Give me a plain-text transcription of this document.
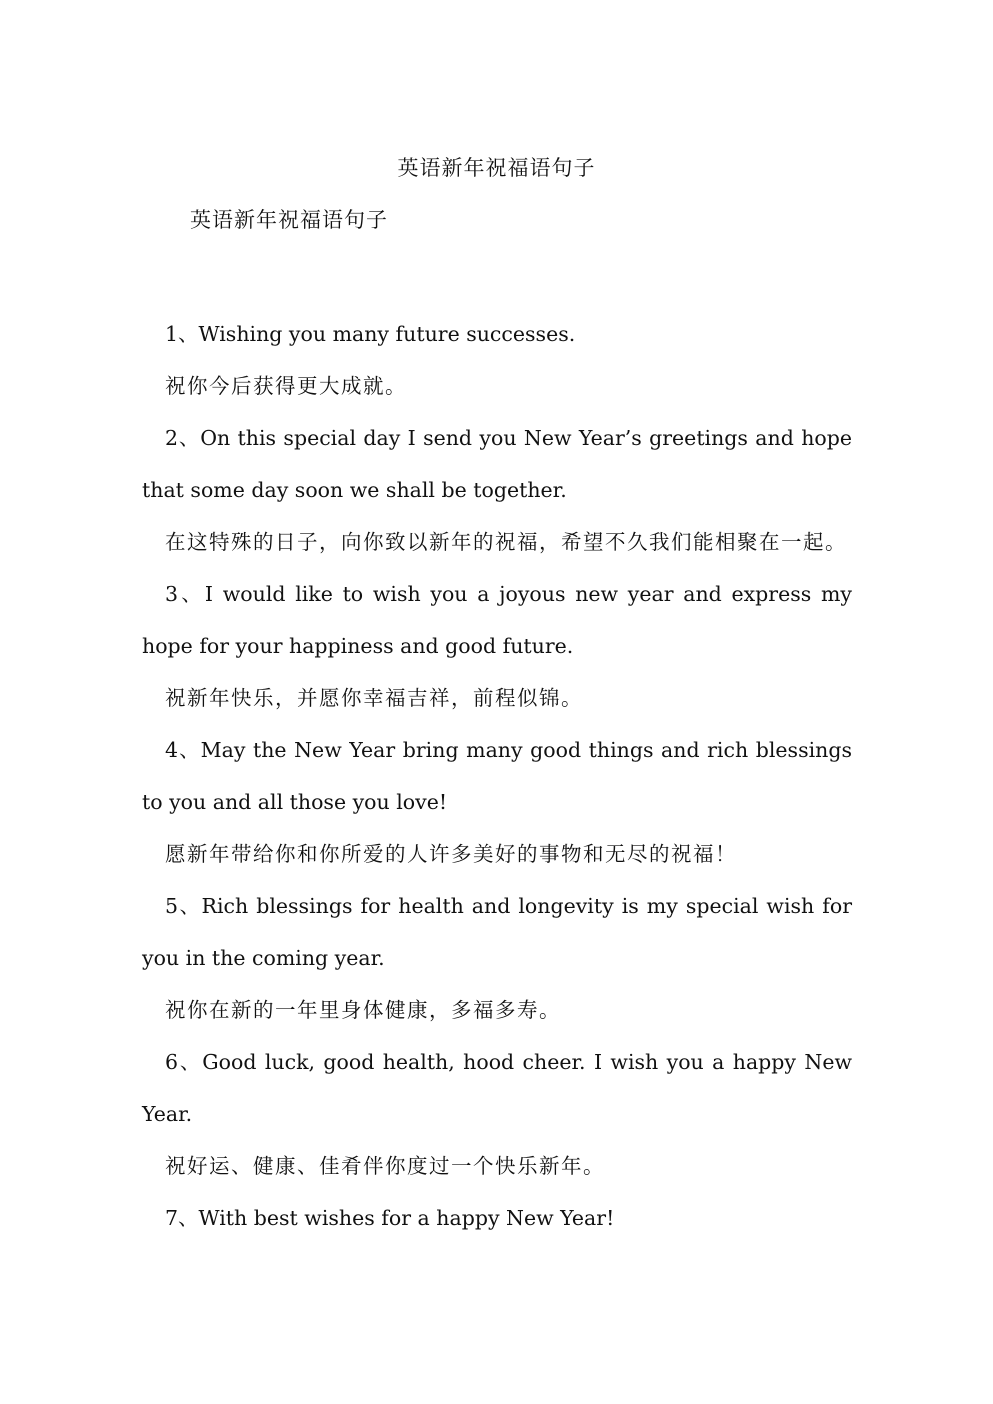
英语新年祝福语句子
英语新年祝福语句子

1、Wishing you many future successes.

祝你今后获得更大成就。

2、On this special day I send you New Year’s greetings and hope that some day soon we shall be together.

在这特殊的日子，向你致以新年的祝福，希望不久我们能相聚在一起。

3、I would like to wish you a joyous new year and express my hope for your happiness and good future.

祝新年快乐，并愿你幸福吉祥，前程似锦。

4、May the New Year bring many good things and rich blessings to you and all those you love!

愿新年带给你和你所爱的人许多美好的事物和无尽的祝福！

5、Rich blessings for health and longevity is my special wish for you in the coming year.

祝你在新的一年里身体健康，多福多寿。

6、Good luck, good health, hood cheer. I wish you a happy New Year.

祝好运、健康、佳肴伴你度过一个快乐新年。

7、With best wishes for a happy New Year!
